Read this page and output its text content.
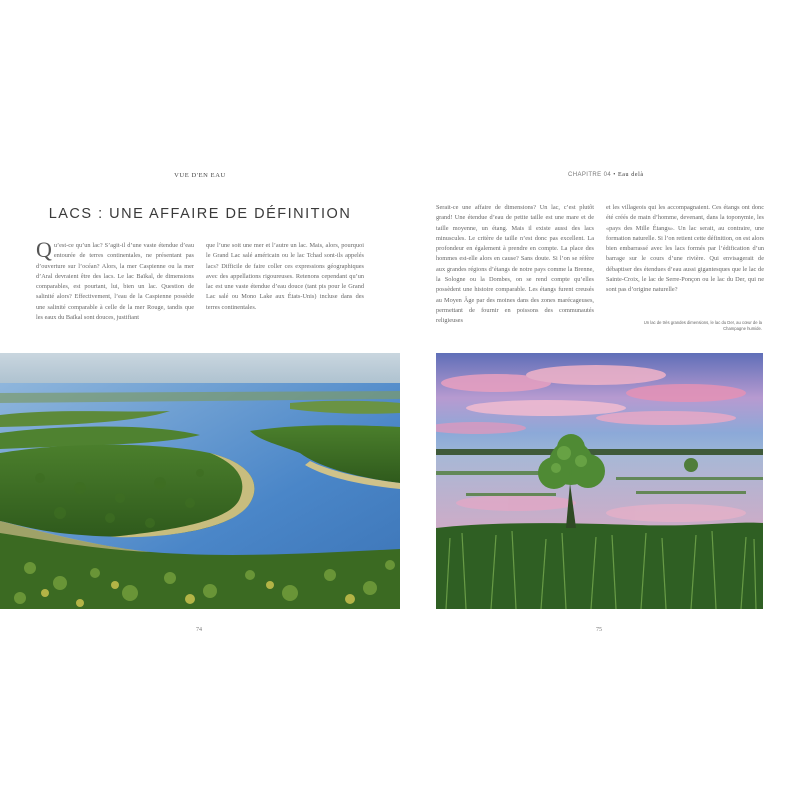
VUE D'EN EAU
LACS : UNE AFFAIRE DE DÉFINITION
Q u’est-ce qu’un lac? S’agit-il d’une vaste étendue d’eau entourée de terres continentales, ne présentant pas d’ouverture sur l’océan? Alors, la mer Caspienne ou la mer d’Aral devraient être des lacs. Le lac Baïkal, de dimensions comparables, est pourtant, lui, bien un lac. Question de salinité alors? Effectivement, l’eau de la Caspienne possède une salinité comparable à celle de la mer Rouge, tandis que les eaux du Baïkal sont douces, justifiant

que l’une soit une mer et l’autre un lac. Mais, alors, pourquoi le Grand Lac salé américain ou le lac Tchad sont-ils appelés lacs? Difficile de faire coller ces expressions géographiques avec des appellations rigoureuses. Retenons cependant qu’un lac est une vaste étendue d’eau douce (tant pis pour le Grand Lac salé ou Mono Lake aux États-Unis) incluse dans des terres continentales.

74
CHAPITRE 04 • Eau delà

Serait-ce une affaire de dimensions? Un lac, c’est plutôt grand! Une étendue d’eau de petite taille est une mare et de taille moyenne, un étang. Mais il existe aussi des lacs minuscules. Le critère de taille n’est donc pas excellent. La profondeur en également à prendre en compte. La place des hommes est-elle alors en cause? Sans doute. Si l’on se réfère aux grandes régions d’étangs de notre pays comme la Brenne, la Sologne ou la Dombes, on se rend compte qu’elles possèdent une histoire comparable. Les étangs furent creusés au Moyen Âge par des moines dans des zones marécageuses, permettant de fournir en poissons des communautés religieuses

et les villageois qui les accompagnaient. Ces étangs ont donc été créés de main d’homme, devenant, dans la toponymie, les «pays des Mille Étangs». Un lac serait, au contraire, une formation naturelle. Si l’on retient cette définition, on est alors bien embarrassé avec les lacs formés par l’édification d’un barrage sur le cours d’une rivière. Qui envisagerait de débaptiser des étendues d’eau aussi gigantesques que le lac de Sainte-Croix, le lac de Serre-Ponçon ou le lac du Der, qui ne sont pas d’origine naturelle?

Un lac de très grandes dimensions, le lac du Der, au cœur de la Champagne humide.
75
